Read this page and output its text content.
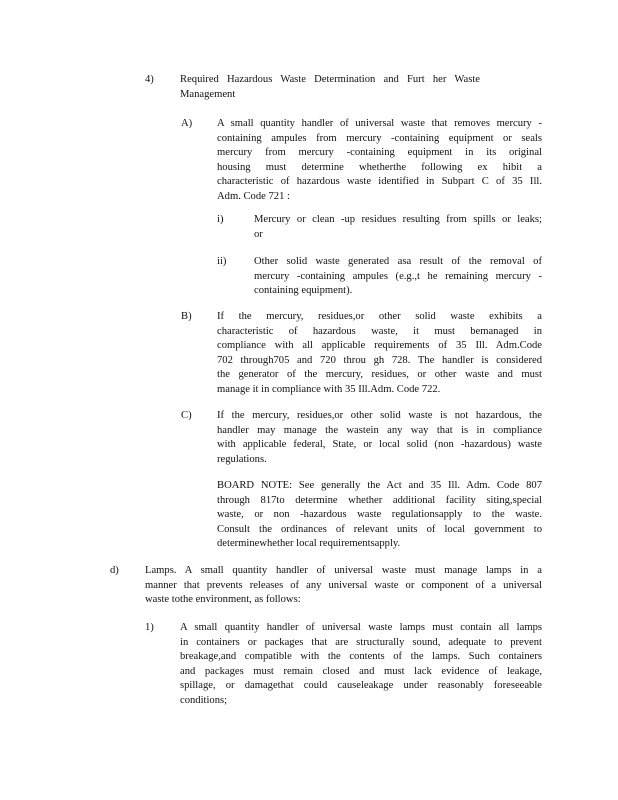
4) Required Hazardous Waste Determination and Furt her Waste
Management
A) A small quantity handler of universal waste that removes mercury -
containing ampules from mercury -containing equipment or seals
mercury from mercury -containing equipment in its original
housing must determine whetherthe following ex hibit a
characteristic of hazardous waste identified in Subpart C of 35 Ill.
Adm. Code 721 :
i)	Mercury or clean -up residues resulting from spills or leaks;
or
ii)	Other solid waste generated asa result of the removal of
mercury -containing ampules (e.g.,t he remaining mercury -
containing equipment).
B) If the mercury, residues,or other solid waste exhibits a
characteristic of hazardous waste, it must bemanaged in
compliance with all applicable requirements of 35 Ill. Adm.Code
702 through705 and 720 throu gh 728. The handler is considered
the generator of the mercury, residues, or other waste and must
manage it in compliance with 35 Ill.Adm. Code 722.
C) If the mercury, residues,or other solid waste is not hazardous, the
handler may manage the wastein any way that is in compliance
with applicable federal, State, or local solid (non -hazardous) waste
regulations.
BOARD NOTE: See generally the Act and 35 Ill. Adm. Code 807
through 817to determine whether additional facility siting,special
waste, or non -hazardous waste regulationsapply to the waste.
Consult the ordinances of relevant units of local government to
determinewhether local requirementsapply.
d) Lamps. A small quantity handler of universal waste must manage lamps in a
manner that prevents releases of any universal waste or component of a universal
waste tothe environment, as follows:
1) A small quantity handler of universal waste lamps must contain all lamps
in containers or packages that are structurally sound, adequate to prevent
breakage,and compatible with the contents of the lamps. Such containers
and packages must remain closed and must lack evidence of leakage,
spillage, or damagethat could causeleakage under reasonably foreseeable
conditions;
